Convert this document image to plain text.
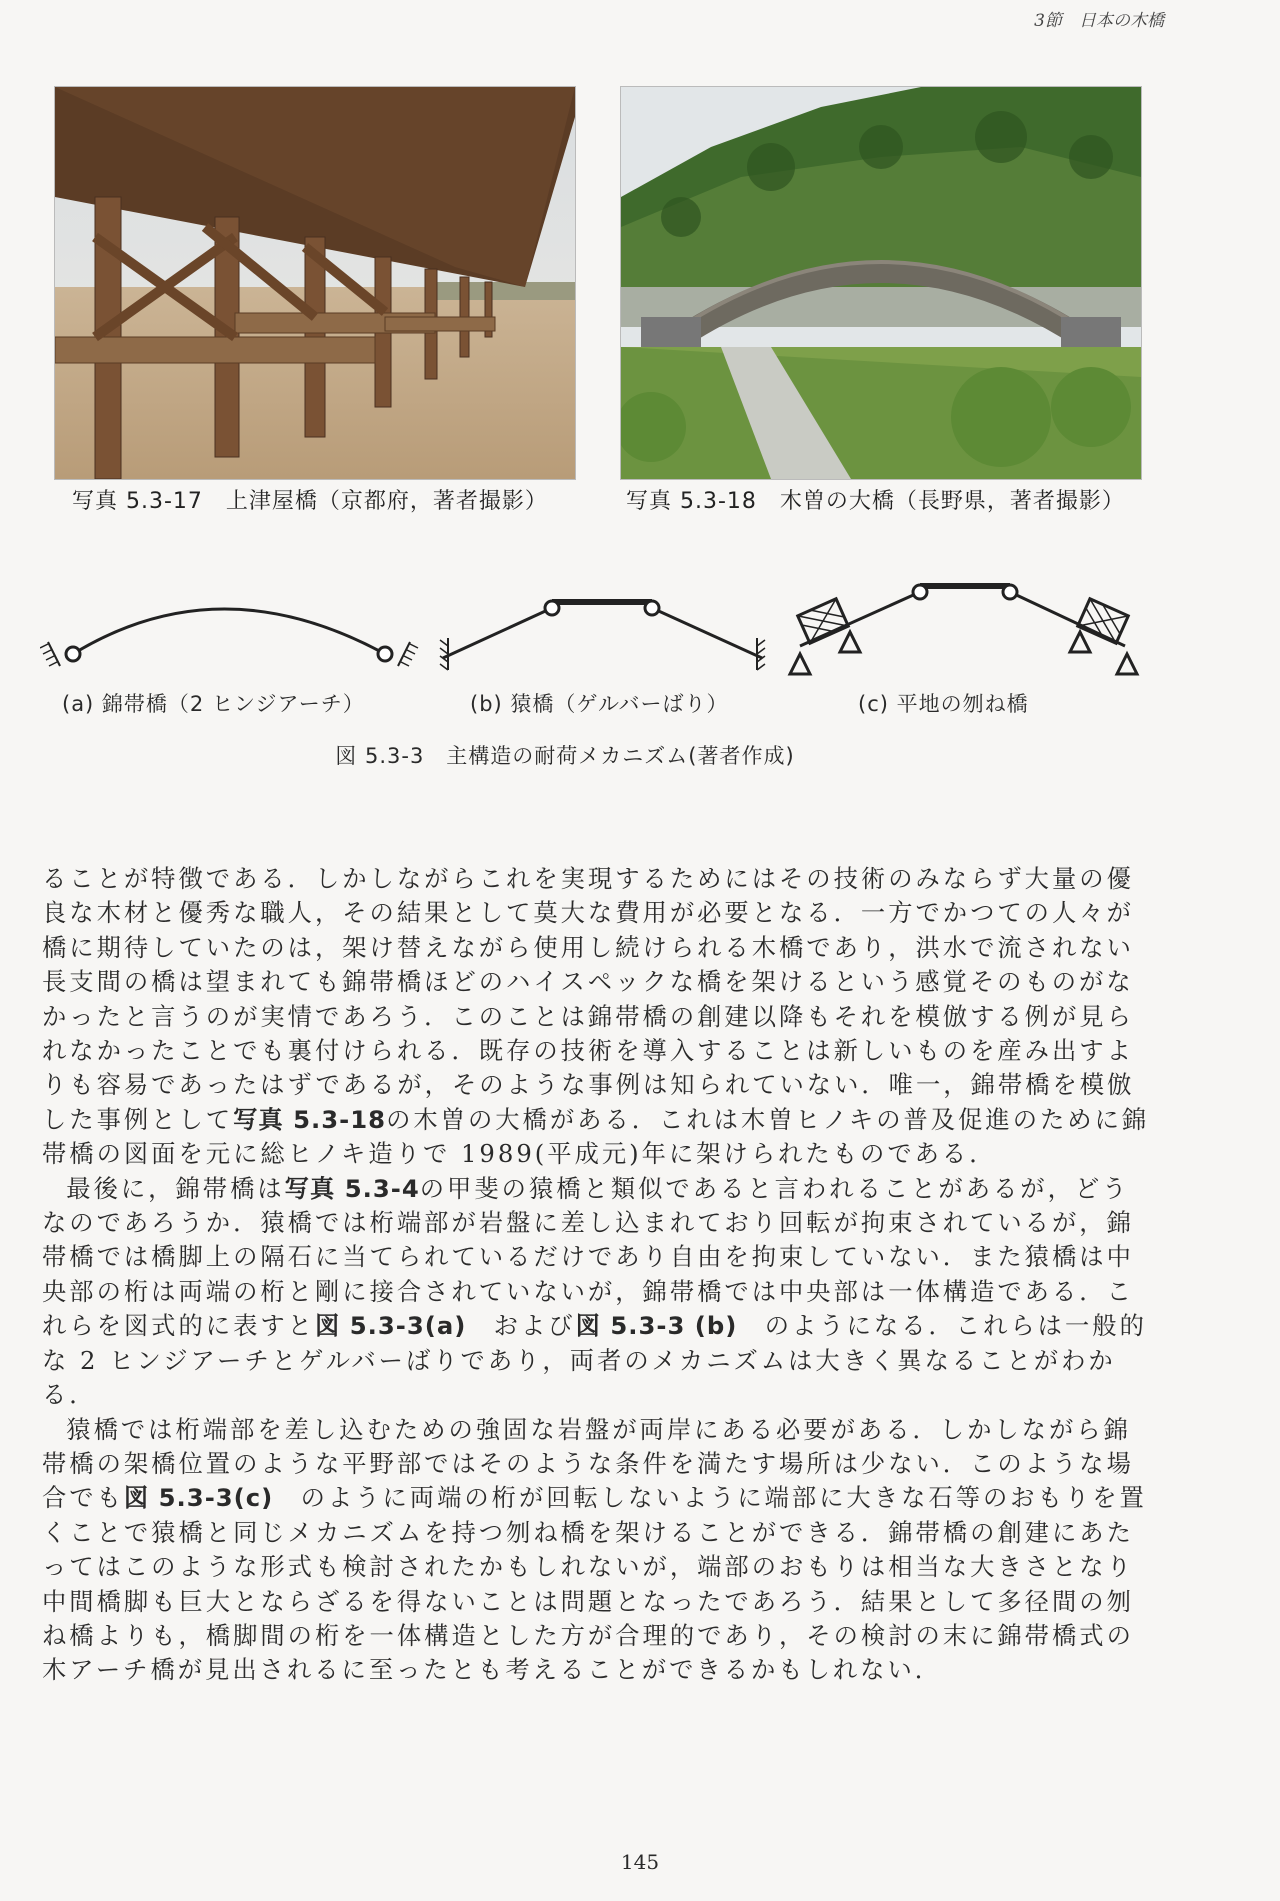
3節　日本の木橋
写真 5.3-17　上津屋橋（京都府，著者撮影）	写真 5.3-18　木曽の大橋（長野県，著者撮影）
(a) 錦帯橋（2 ヒンジアーチ）	(b) 猿橋（ゲルバーばり）	(c) 平地の刎ね橋
図 5.3-3　主構造の耐荷メカニズム(著者作成)

ることが特徴である．しかしながらこれを実現するためにはその技術のみならず大量の優良な木材と優秀な職人，その結果として莫大な費用が必要となる．一方でかつての人々が橋に期待していたのは，架け替えながら使用し続けられる木橋であり，洪水で流されない長支間の橋は望まれても錦帯橋ほどのハイスペックな橋を架けるという感覚そのものがなかったと言うのが実情であろう．このことは錦帯橋の創建以降もそれを模倣する例が見られなかったことでも裏付けられる．既存の技術を導入することは新しいものを産み出すよりも容易であったはずであるが，そのような事例は知られていない．唯一，錦帯橋を模倣した事例として写真 5.3-18の木曽の大橋がある．これは木曽ヒノキの普及促進のために錦帯橋の図面を元に総ヒノキ造りで 1989(平成元)年に架けられたものである．

最後に，錦帯橋は写真 5.3-4の甲斐の猿橋と類似であると言われることがあるが，どうなのであろうか．猿橋では桁端部が岩盤に差し込まれており回転が拘束されているが，錦帯橋では橋脚上の隔石に当てられているだけであり自由を拘束していない．また猿橋は中央部の桁は両端の桁と剛に接合されていないが，錦帯橋では中央部は一体構造である．これらを図式的に表すと図 5.3-3(a)　 および図 5.3-3 (b)　 のようになる．これらは一般的な 2 ヒンジアーチとゲルバーばりであり，両者のメカニズムは大きく異なることがわかる．

猿橋では桁端部を差し込むための強固な岩盤が両岸にある必要がある．しかしながら錦帯橋の架橋位置のような平野部ではそのような条件を満たす場所は少ない．このような場合でも図 5.3-3(c)　 のように両端の桁が回転しないように端部に大きな石等のおもりを置くことで猿橋と同じメカニズムを持つ刎ね橋を架けることができる．錦帯橋の創建にあたってはこのような形式も検討されたかもしれないが，端部のおもりは相当な大きさとなり中間橋脚も巨大とならざるを得ないことは問題となったであろう．結果として多径間の刎ね橋よりも，橋脚間の桁を一体構造とした方が合理的であり，その検討の末に錦帯橋式の木アーチ橋が見出されるに至ったとも考えることができるかもしれない．

145
